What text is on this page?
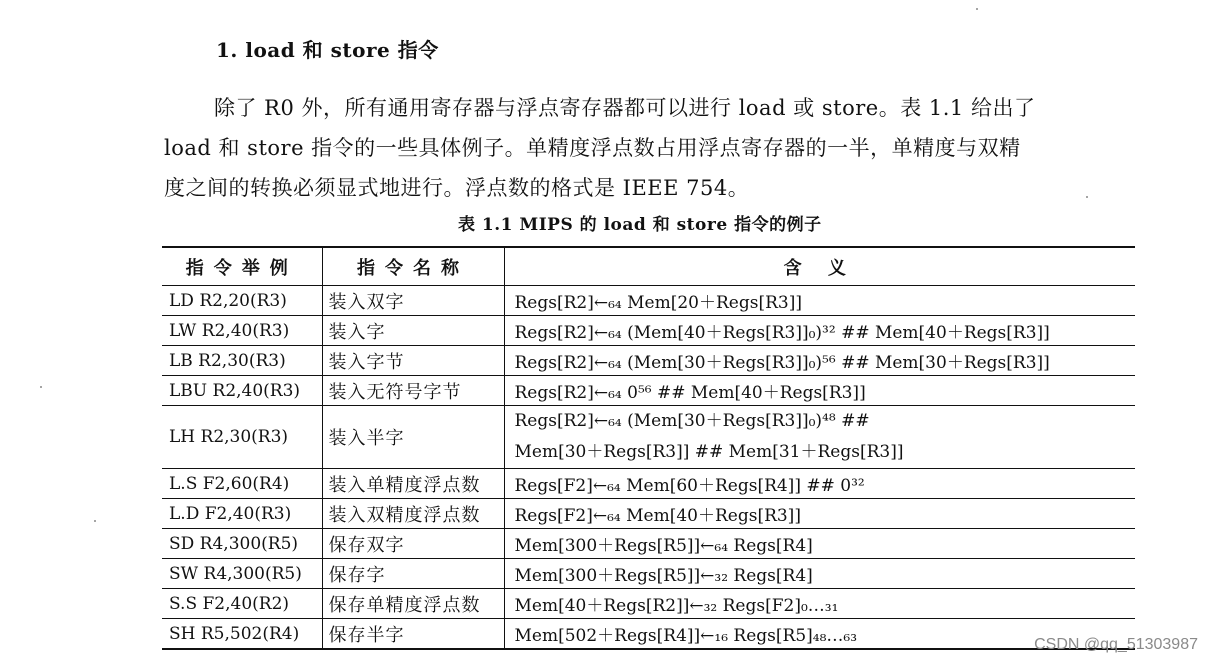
1. load 和 store 指令
除了 R0 外，所有通用寄存器与浮点寄存器都可以进行 load 或 store。表 1.1 给出了
load 和 store 指令的一些具体例子。单精度浮点数占用浮点寄存器的一半，单精度与双精
度之间的转换必须显式地进行。浮点数的格式是 IEEE 754。
表 1.1 MIPS 的 load 和 store 指令的例子
指令举例	指令名称	含 义
LD R2,20(R3)	装入双字	Regs[R2]←₆₄ Mem[20＋Regs[R3]]
LW R2,40(R3)	装入字	Regs[R2]←₆₄ (Mem[40＋Regs[R3]]₀)³² ## Mem[40＋Regs[R3]]
LB R2,30(R3)	装入字节	Regs[R2]←₆₄ (Mem[30＋Regs[R3]]₀)⁵⁶ ## Mem[30＋Regs[R3]]
LBU R2,40(R3)	装入无符号字节	Regs[R2]←₆₄ 0⁵⁶ ## Mem[40＋Regs[R3]]
LH R2,30(R3)	装入半字	Regs[R2]←₆₄ (Mem[30＋Regs[R3]]₀)⁴⁸ ##
Mem[30＋Regs[R3]] ## Mem[31＋Regs[R3]]

L.S F2,60(R4)	装入单精度浮点数	Regs[F2]←₆₄ Mem[60＋Regs[R4]] ## 0³²
L.D F2,40(R3)	装入双精度浮点数	Regs[F2]←₆₄ Mem[40＋Regs[R3]]
SD R4,300(R5)	保存双字	Mem[300＋Regs[R5]]←₆₄ Regs[R4]
SW R4,300(R5)	保存字	Mem[300＋Regs[R5]]←₃₂ Regs[R4]
S.S F2,40(R2)	保存单精度浮点数	Mem[40＋Regs[R2]]←₃₂ Regs[F2]₀…₃₁
SH R5,502(R4)	保存半字	Mem[502＋Regs[R4]]←₁₆ Regs[R5]₄₈…₆₃	CSDN @qq_51303987
